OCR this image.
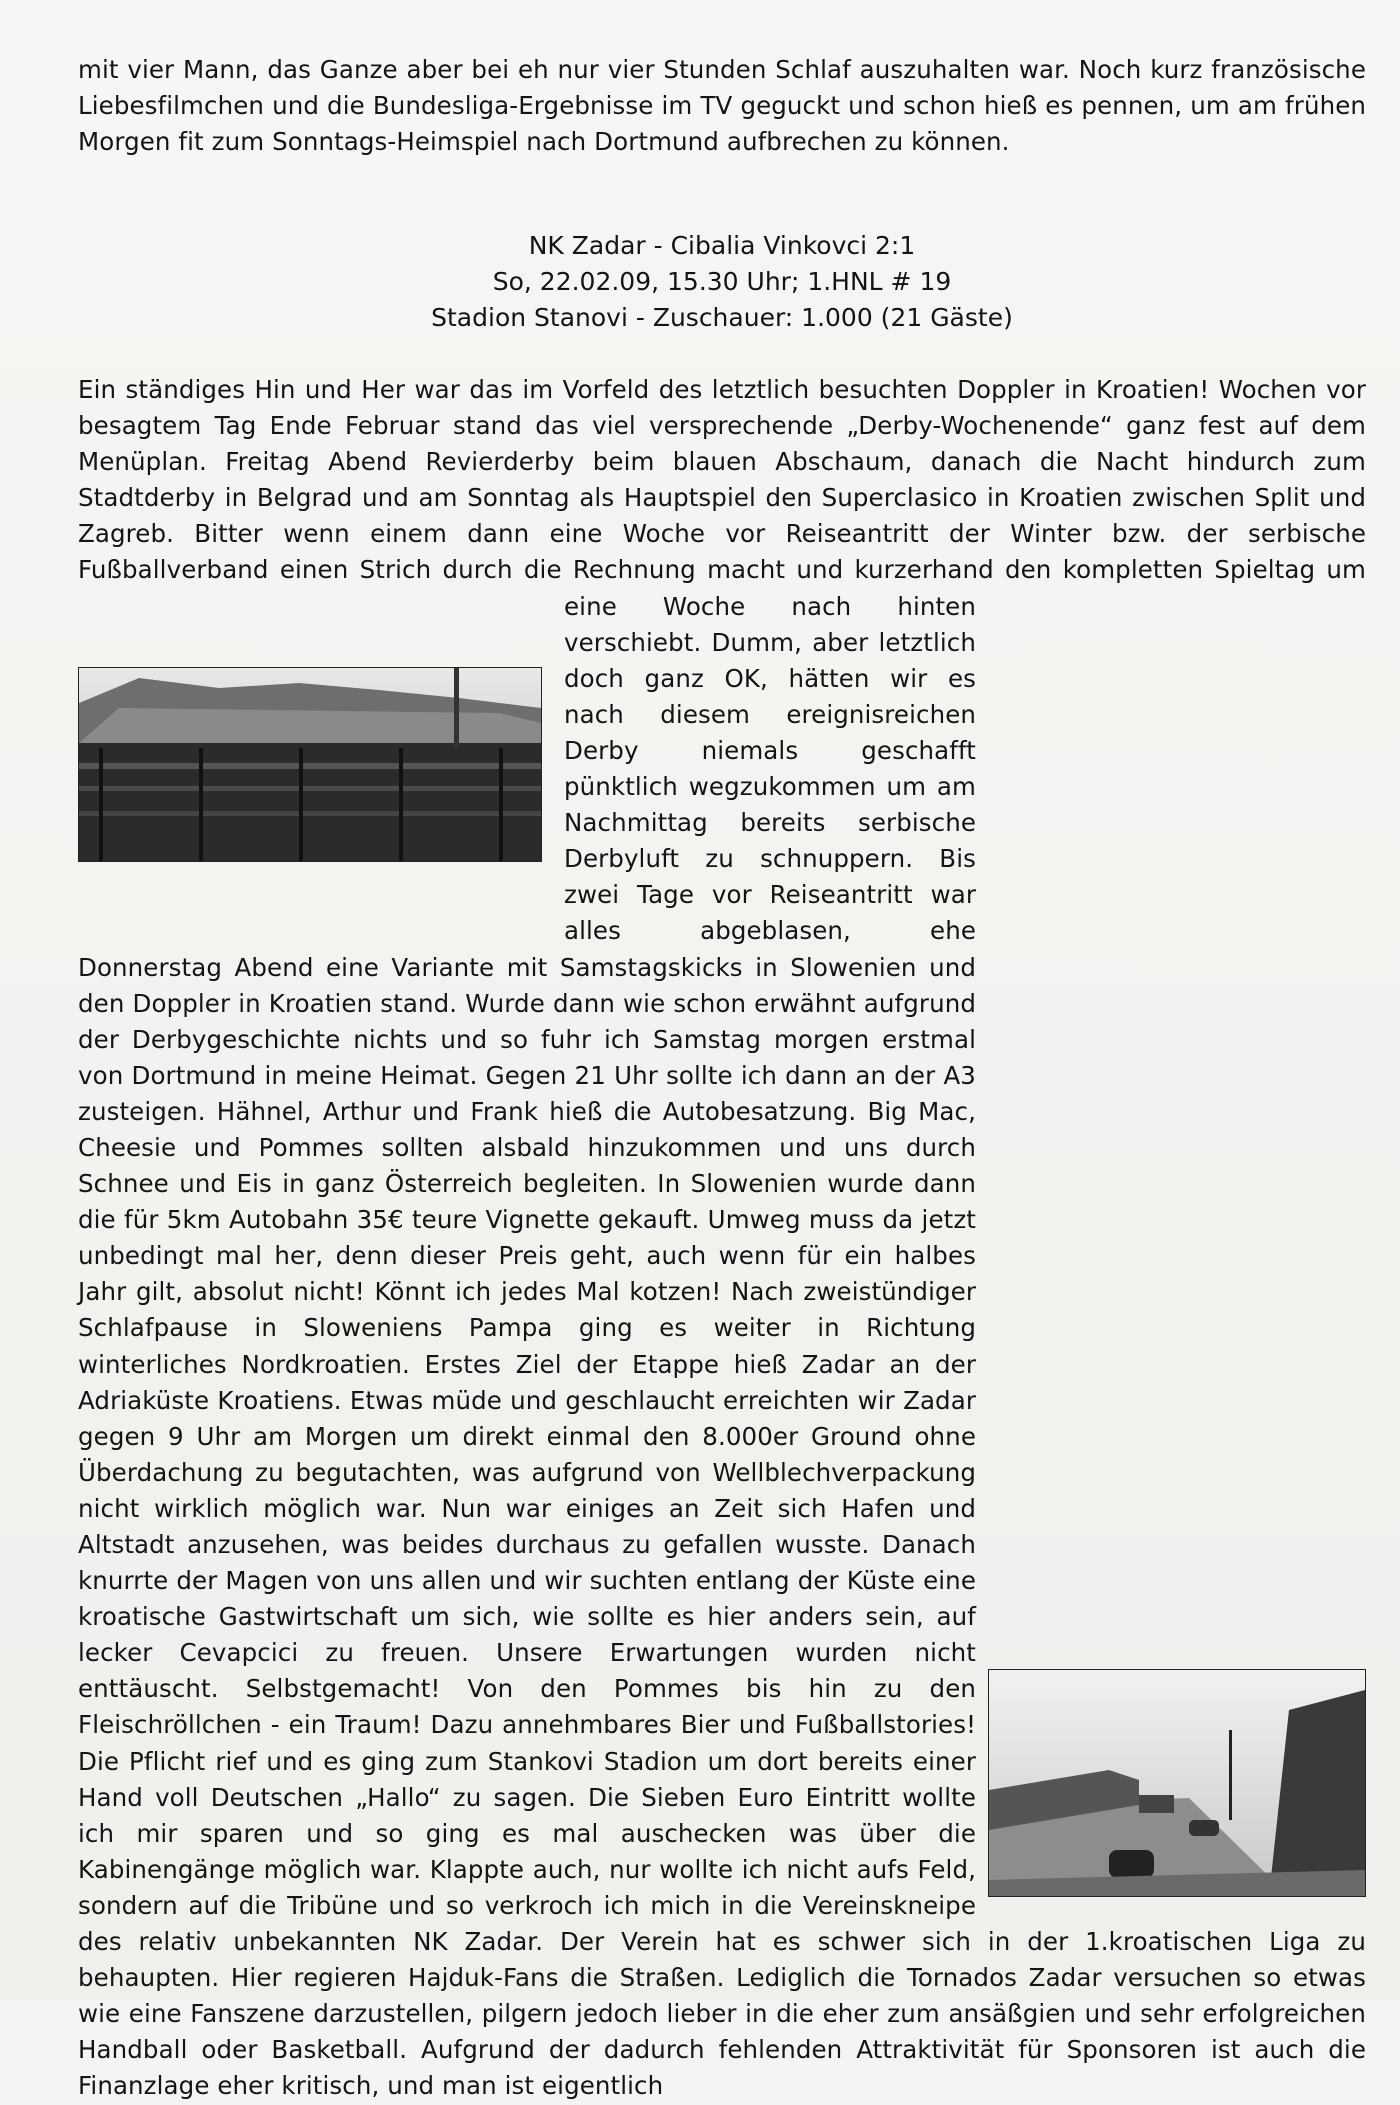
mit vier Mann, das Ganze aber bei eh nur vier Stunden Schlaf auszuhalten war. Noch kurz französische Liebesfilmchen und die Bundesliga-Ergebnisse im TV geguckt und schon hieß es pennen, um am frühen Morgen fit zum Sonntags-Heimspiel nach Dortmund aufbrechen zu können.

NK Zadar - Cibalia Vinkovci 2:1
So, 22.02.09, 15.30 Uhr; 1.HNL # 19
Stadion Stanovi - Zuschauer: 1.000 (21 Gäste)

Ein ständiges Hin und Her war das im Vorfeld des letztlich besuchten Doppler in Kroatien! Wochen vor besagtem Tag Ende Februar stand das viel versprechende „Derby-Wochenende“ ganz fest auf dem Menüplan. Freitag Abend Revierderby beim blauen Abschaum, danach die Nacht hindurch zum Stadtderby in Belgrad und am Sonntag als Hauptspiel den Superclasico in Kroatien zwischen Split und Zagreb. Bitter wenn einem dann eine Woche vor Reiseantritt der Winter bzw. der serbische Fußballverband einen Strich durch die Rechnung macht und kurzerhand den kompletten Spieltag um eine Woche nach hinten verschiebt. Dumm, aber letztlich doch ganz OK, hätten wir es nach diesem ereignisreichen Derby niemals geschafft pünktlich wegzukommen um am Nachmittag bereits serbische Derbyluft zu schnuppern. Bis zwei Tage vor Reiseantritt war alles abgeblasen, ehe Donnerstag Abend eine Variante mit Samstagskicks in Slowenien und den Doppler in Kroatien stand. Wurde dann wie schon erwähnt aufgrund der Derbygeschichte nichts und so fuhr ich Samstag morgen erstmal von Dortmund in meine Heimat. Gegen 21 Uhr sollte ich dann an der A3 zusteigen. Hähnel, Arthur und Frank hieß die Autobesatzung. Big Mac, Cheesie und Pommes sollten alsbald hinzukommen und uns durch Schnee und Eis in ganz Österreich begleiten. In Slowenien wurde dann die für 5km Autobahn 35€ teure Vignette gekauft. Umweg muss da jetzt unbedingt mal her, denn dieser Preis geht, auch wenn für ein halbes Jahr gilt, absolut nicht! Könnt ich jedes Mal kotzen! Nach zweistündiger Schlafpause in Sloweniens Pampa ging es weiter in Richtung winterliches Nordkroatien. Erstes Ziel der Etappe hieß Zadar an der Adriaküste Kroatiens. Etwas müde und geschlaucht erreichten wir Zadar gegen 9 Uhr am Morgen um direkt einmal den 8.000er Ground ohne Überdachung zu begutachten, was aufgrund von Wellblechverpackung nicht wirklich möglich war. Nun war einiges an Zeit sich Hafen und Altstadt anzusehen, was beides durchaus zu gefallen wusste. Danach knurrte der Magen von uns allen und wir suchten entlang der Küste eine kroatische Gastwirtschaft um sich, wie sollte es hier anders sein, auf lecker Cevapcici zu freuen. Unsere Erwartungen wurden nicht enttäuscht. Selbstgemacht! Von den Pommes bis hin zu den Fleischröllchen - ein Traum! Dazu annehmbares Bier und Fußballstories! Die Pflicht rief und es ging zum Stankovi Stadion um dort bereits einer Hand voll Deutschen „Hallo“ zu sagen. Die Sieben Euro Eintritt wollte ich mir sparen und so ging es mal auschecken was über die Kabinengänge möglich war. Klappte auch, nur wollte ich nicht aufs Feld, sondern auf die Tribüne und so verkroch ich mich in die Vereinskneipe des relativ unbekannten NK Zadar. Der Verein hat es schwer sich in der 1.kroatischen Liga zu behaupten. Hier regieren Hajduk-Fans die Straßen. Lediglich die Tornados Zadar versuchen so etwas wie eine Fanszene darzustellen, pilgern jedoch lieber in die eher zum ansäßgien und sehr erfolgreichen Handball oder Basketball. Aufgrund der dadurch fehlenden Attraktivität für Sponsoren ist auch die Finanzlage eher kritisch, und man ist eigentlich
